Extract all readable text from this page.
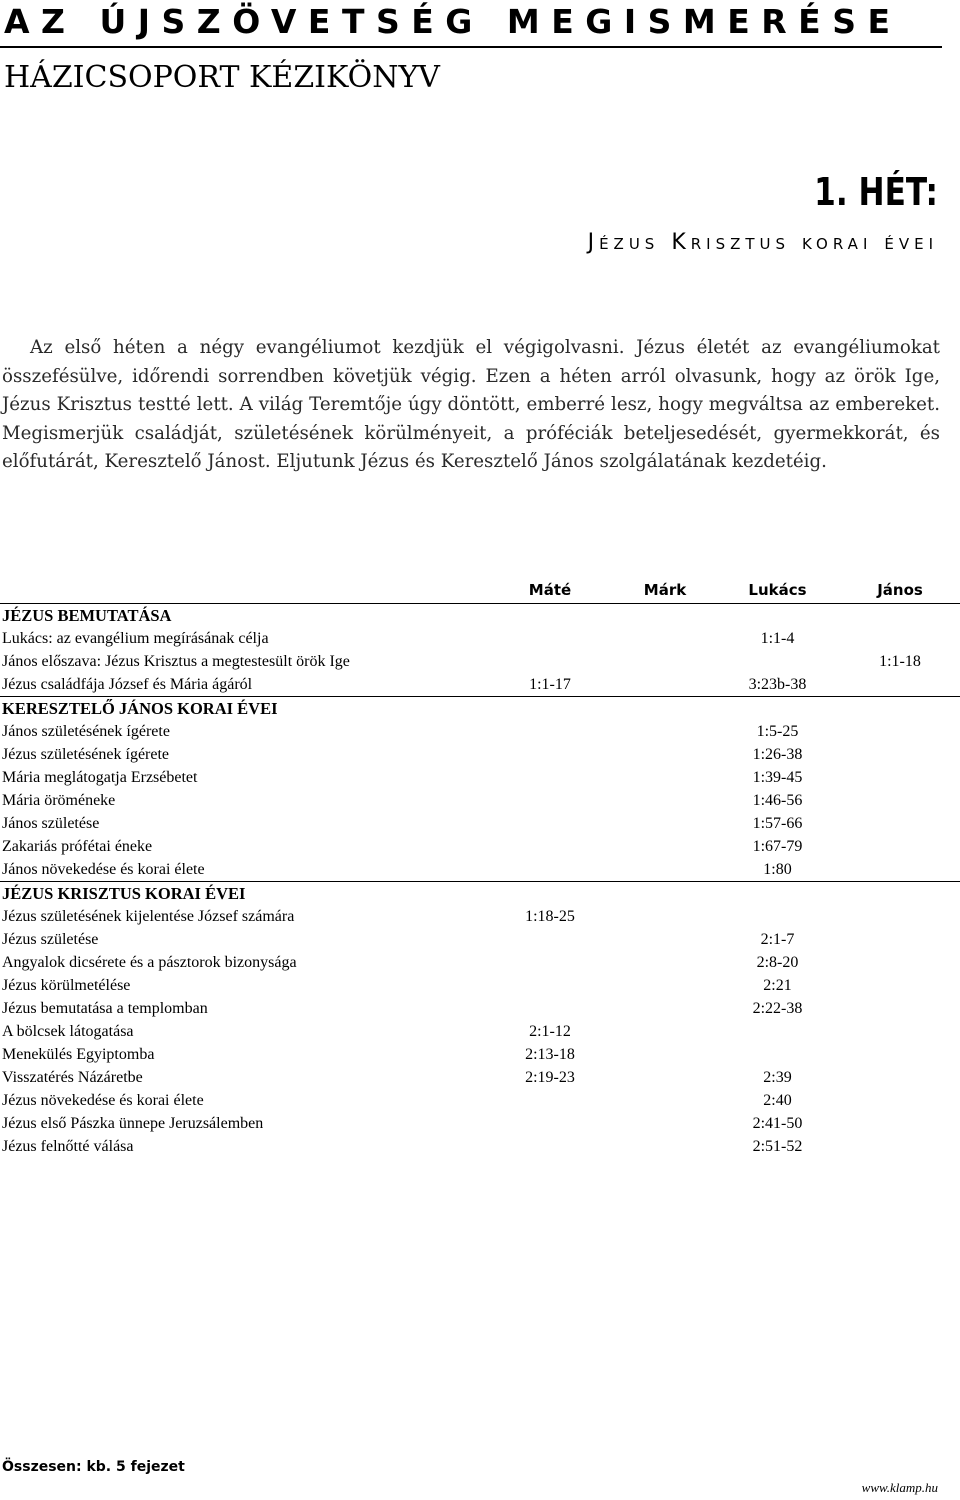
AZ ÚJSZÖVETSÉG MEGISMERÉSE
HÁZICSOPORT KÉZIKÖNYV
1. HÉT:
Jézus Krisztus korai évei

Az első héten a négy evangéliumot kezdjük el végigolvasni. Jézus életét az evangéliumokat összefésülve, időrendi sorrendben követjük végig. Ezen a héten arról olvasunk, hogy az örök Ige, Jézus Krisztus testté lett. A világ Teremtője úgy döntött, emberré lesz, hogy megváltsa az embereket. Megismerjük családját, születésének körülményeit, a próféciák beteljesedését, gyermekkorát, és előfutárát, Keresztelő Jánost. Eljutunk Jézus és Keresztelő János szolgálatának kezdetéig.

	Máté	Márk	Lukács	János
JÉZUS BEMUTATÁSA				
Lukács: az evangélium megírásának célja			1:1-4	
János előszava: Jézus Krisztus a megtestesült örök Ige				1:1-18
Jézus családfája József és Mária ágáról	1:1-17		3:23b-38	
KERESZTELŐ JÁNOS KORAI ÉVEI				
János születésének ígérete			1:5-25	
Jézus születésének ígérete			1:26-38	
Mária meglátogatja Erzsébetet			1:39-45	
Mária öröméneke			1:46-56	
János születése			1:57-66	
Zakariás prófétai éneke			1:67-79	
János növekedése és korai élete			1:80	
JÉZUS KRISZTUS KORAI ÉVEI				
Jézus születésének kijelentése József számára	1:18-25			
Jézus születése			2:1-7	
Angyalok dicsérete és a pásztorok bizonysága			2:8-20	
Jézus körülmetélése			2:21	
Jézus bemutatása a templomban			2:22-38	
A bölcsek látogatása	2:1-12			
Menekülés Egyiptomba	2:13-18			
Visszatérés Názáretbe	2:19-23		2:39	
Jézus növekedése és korai élete			2:40	
Jézus első Pászka ünnepe Jeruzsálemben			2:41-50	
Jézus felnőtté válása			2:51-52	
Összesen: kb. 5 fejezet
www.klamp.hu
